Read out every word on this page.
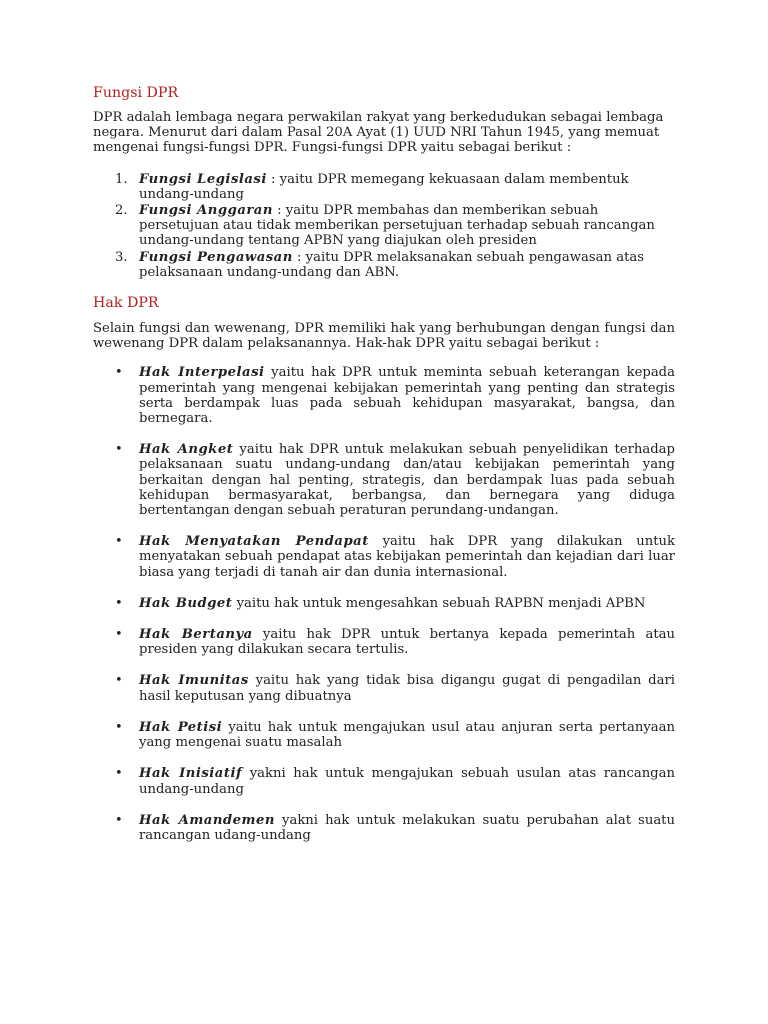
Fungsi DPR

DPR adalah lembaga negara perwakilan rakyat yang berkedudukan sebagai lembaga negara. Menurut dari dalam Pasal 20A Ayat (1) UUD NRI Tahun 1945, yang memuat mengenai fungsi-fungsi DPR. Fungsi-fungsi DPR yaitu sebagai berikut :

1. Fungsi Legislasi : yaitu DPR memegang kekuasaan dalam membentuk undang-undang
2. Fungsi Anggaran : yaitu DPR membahas dan memberikan sebuah persetujuan atau tidak memberikan persetujuan terhadap sebuah rancangan undang-undang tentang APBN yang diajukan oleh presiden
3. Fungsi Pengawasan : yaitu DPR melaksanakan sebuah pengawasan atas pelaksanaan undang-undang dan ABN.
Hak DPR

Selain fungsi dan wewenang, DPR memiliki hak yang berhubungan dengan fungsi dan wewenang DPR dalam pelaksanannya. Hak-hak DPR yaitu sebagai berikut :

• Hak Interpelasi yaitu hak DPR untuk meminta sebuah keterangan kepada pemerintah yang mengenai kebijakan pemerintah yang penting dan strategis serta berdampak luas pada sebuah kehidupan masyarakat, bangsa, dan bernegara.
• Hak Angket yaitu hak DPR untuk melakukan sebuah penyelidikan terhadap pelaksanaan suatu undang-undang dan/atau kebijakan pemerintah yang berkaitan dengan hal penting, strategis, dan berdampak luas pada sebuah kehidupan bermasyarakat, berbangsa, dan bernegara yang diduga bertentangan dengan sebuah peraturan perundang-undangan.
• Hak Menyatakan Pendapat yaitu hak DPR yang dilakukan untuk menyatakan sebuah pendapat atas kebijakan pemerintah dan kejadian dari luar biasa yang terjadi di tanah air dan dunia internasional.
• Hak Budget yaitu hak untuk mengesahkan sebuah RAPBN menjadi APBN
• Hak Bertanya yaitu hak DPR untuk bertanya kepada pemerintah atau presiden yang dilakukan secara tertulis.
• Hak Imunitas yaitu hak yang tidak bisa digangu gugat di pengadilan dari hasil keputusan yang dibuatnya
• Hak Petisi yaitu hak untuk mengajukan usul atau anjuran serta pertanyaan yang mengenai suatu masalah
• Hak Inisiatif yakni hak untuk mengajukan sebuah usulan atas rancangan undang-undang
• Hak Amandemen yakni hak untuk melakukan suatu perubahan alat suatu rancangan udang-undang
